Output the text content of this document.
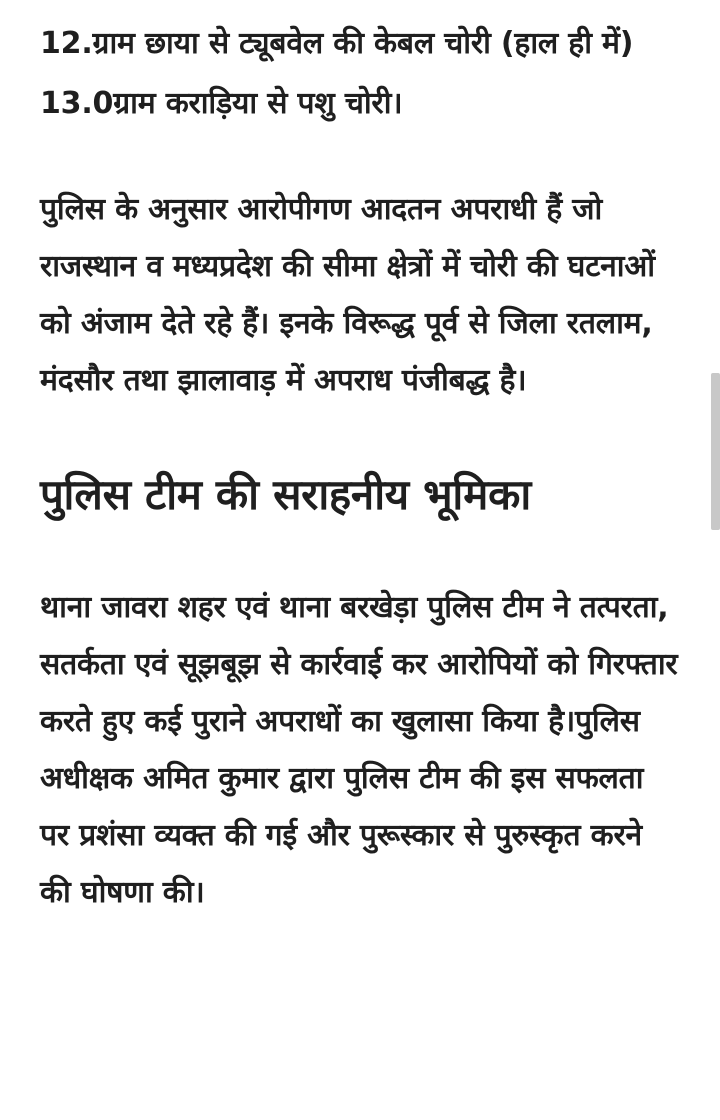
12.ग्राम छाया से ट्यूबवेल की केबल चोरी (हाल ही में)

13.0ग्राम कराड़िया से पशु चोरी।

पुलिस के अनुसार आरोपीगण आदतन अपराधी हैं जो राजस्थान व मध्यप्रदेश की सीमा क्षेत्रों में चोरी की घटनाओं को अंजाम देते रहे हैं। इनके विरूद्ध पूर्व से जिला रतलाम, मंदसौर तथा झालावाड़ में अपराध पंजीबद्ध है।

पुलिस टीम की सराहनीय भूमिका

थाना जावरा शहर एवं थाना बरखेड़ा पुलिस टीम ने तत्परता, सतर्कता एवं सूझबूझ से कार्रवाई कर आरोपियों को गिरफ्तार करते हुए कई पुराने अपराधों का खुलासा किया है।पुलिस अधीक्षक अमित कुमार द्वारा पुलिस टीम की इस सफलता पर प्रशंसा व्यक्त की गई और पुरूस्कार से पुरुस्कृत करने की घोषणा की।
